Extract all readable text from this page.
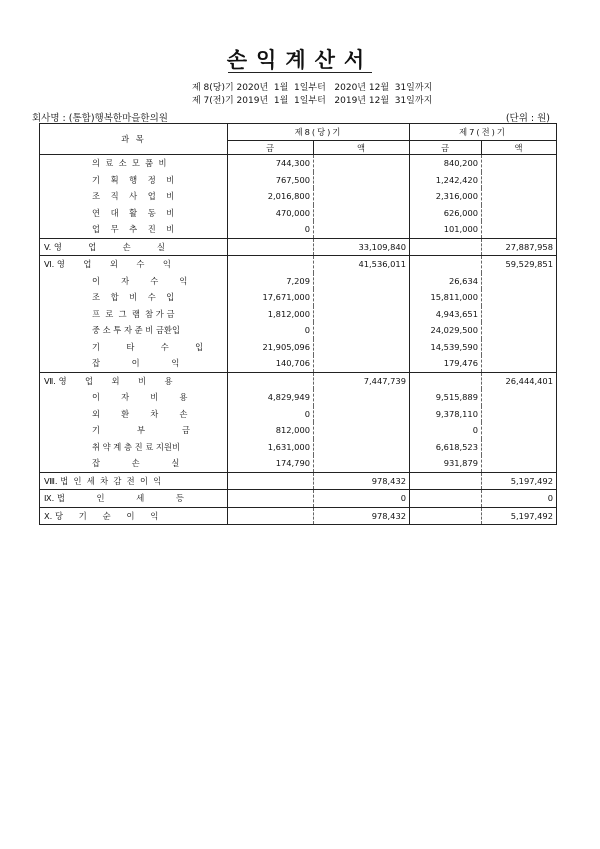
손익계산서
제 8(당)기 2020년  1월  1일부터   2020년 12월  31일까지
제 7(전)기 2019년  1월  1일부터   2019년 12월  31일까지
회사명 : (통합)행복한마을한의원	(단위 : 원)
과 목	제8(당)기		제7(전)기	
	금	액	금	액
의  료  소  모  품  비	744,300		840,200	
기    획    행    정    비	767,500		1,242,420	
조    직    사    업    비	2,016,800		2,316,000	
연    대    활    동    비	470,000		626,000	
업    무    추    진    비	0		101,000	
V. 영          업          손          실		33,109,840		27,887,958
Ⅵ. 영       업       외       수       익		41,536,011		59,529,851
이        자        수        익	7,209		26,634	
조    합    비    수    입	17,671,000		15,811,000	
프  로  그  램  참 가 금	1,812,000		4,943,651	
중 소 투 자 준 비 금환입	0		24,029,500	
기          타          수          입	21,905,096		14,539,590	
잡            이            익	140,706		179,476	
Ⅶ. 영       업       외       비       용		7,447,739		26,444,401
이        자        비        용	4,829,949		9,515,889	
외        환        차        손	0		9,378,110	
기              부              금	812,000		0	
취 약 계 층 진 료 지원비	1,631,000		6,618,523	
잡            손            실	174,790		931,879	
Ⅷ. 법  인  세  차  감  전  이  익		978,432		5,197,492
Ⅸ. 법            인            세            등		0		0
Ⅹ. 당      기      순      이      익		978,432		5,197,492
